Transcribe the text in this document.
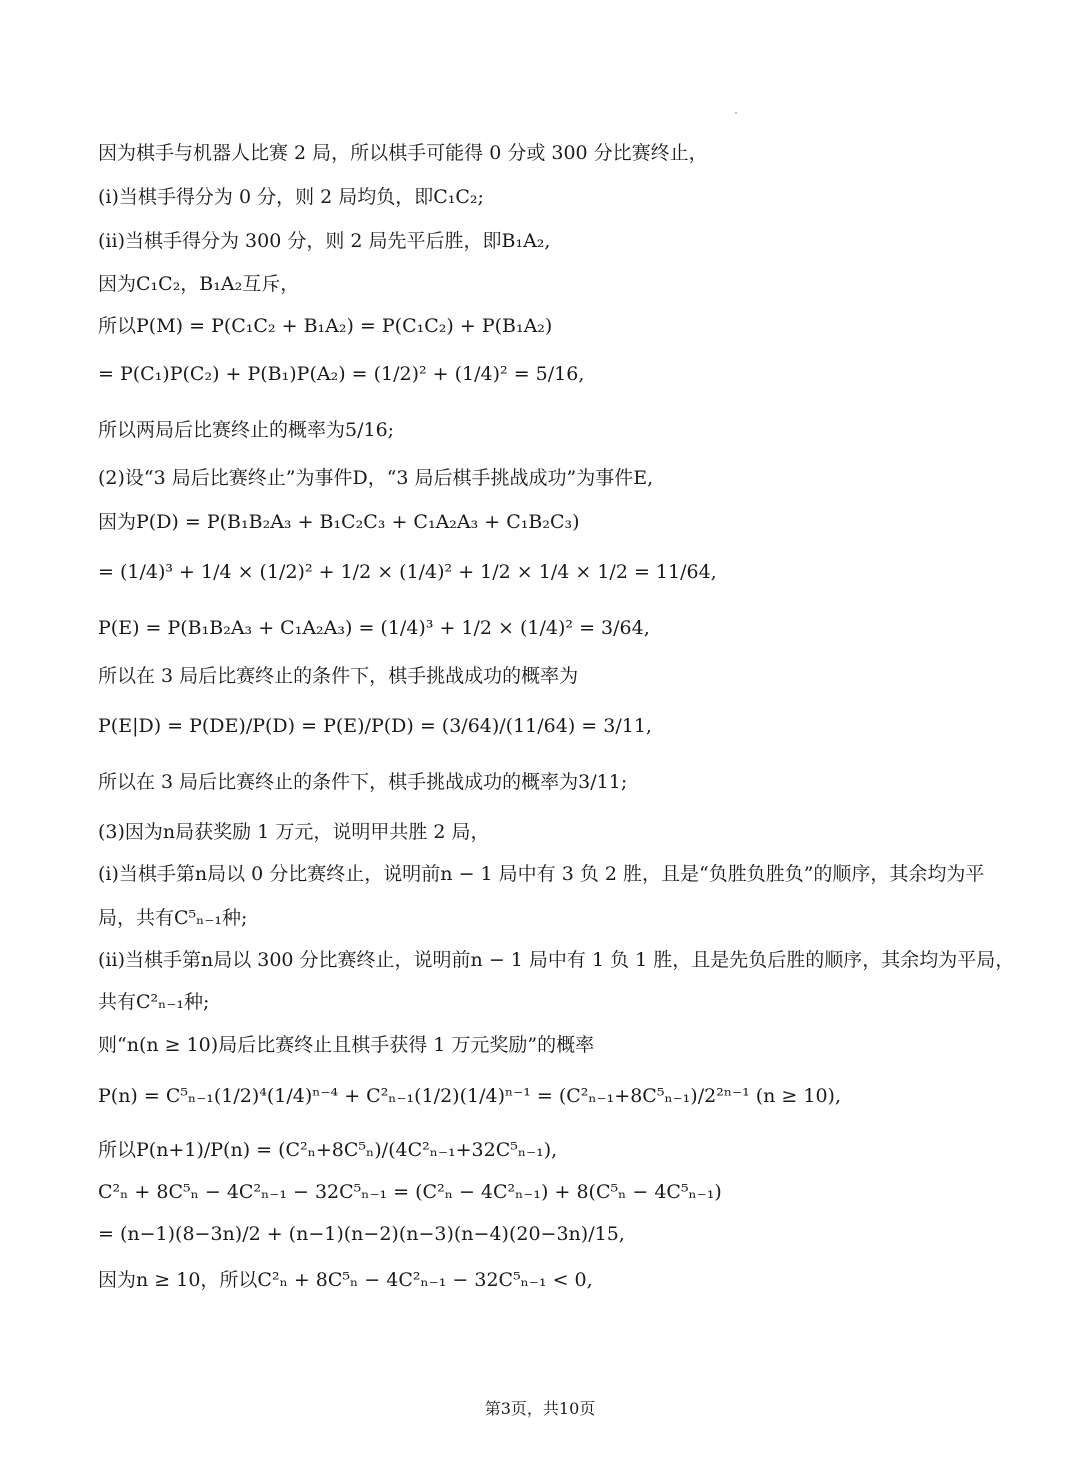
因为棋手与机器人比赛 2 局，所以棋手可能得 0 分或 300 分比赛终止，
(i)当棋手得分为 0 分，则 2 局均负，即C₁C₂;
(ii)当棋手得分为 300 分，则 2 局先平后胜，即B₁A₂,
因为C₁C₂，B₁A₂互斥，
所以P(M) = P(C₁C₂ + B₁A₂) = P(C₁C₂) + P(B₁A₂)
= P(C₁)P(C₂) + P(B₁)P(A₂) = (1/2)² + (1/4)² = 5/16,
所以两局后比赛终止的概率为5/16;
(2)设“3 局后比赛终止”为事件D，“3 局后棋手挑战成功”为事件E,
因为P(D) = P(B₁B₂A₃ + B₁C₂C₃ + C₁A₂A₃ + C₁B₂C₃)
= (1/4)³ + 1/4 × (1/2)² + 1/2 × (1/4)² + 1/2 × 1/4 × 1/2 = 11/64,
P(E) = P(B₁B₂A₃ + C₁A₂A₃) = (1/4)³ + 1/2 × (1/4)² = 3/64,
所以在 3 局后比赛终止的条件下，棋手挑战成功的概率为
P(E|D) = P(DE)/P(D) = P(E)/P(D) = (3/64)/(11/64) = 3/11,
所以在 3 局后比赛终止的条件下，棋手挑战成功的概率为3/11;
(3)因为n局获奖励 1 万元，说明甲共胜 2 局，
(i)当棋手第n局以 0 分比赛终止，说明前n − 1 局中有 3 负 2 胜，且是“负胜负胜负”的顺序，其余均为平
局，共有C⁵ₙ₋₁种;
(ii)当棋手第n局以 300 分比赛终止，说明前n − 1 局中有 1 负 1 胜，且是先负后胜的顺序，其余均为平局，
共有C²ₙ₋₁种;
则“n(n ≥ 10)局后比赛终止且棋手获得 1 万元奖励”的概率
P(n) = C⁵ₙ₋₁(1/2)⁴(1/4)ⁿ⁻⁴ + C²ₙ₋₁(1/2)(1/4)ⁿ⁻¹ = (C²ₙ₋₁+8C⁵ₙ₋₁)/2²ⁿ⁻¹ (n ≥ 10),
所以P(n+1)/P(n) = (C²ₙ+8C⁵ₙ)/(4C²ₙ₋₁+32C⁵ₙ₋₁),
C²ₙ + 8C⁵ₙ − 4C²ₙ₋₁ − 32C⁵ₙ₋₁ = (C²ₙ − 4C²ₙ₋₁) + 8(C⁵ₙ − 4C⁵ₙ₋₁)
= (n−1)(8−3n)/2 + (n−1)(n−2)(n−3)(n−4)(20−3n)/15,
因为n ≥ 10，所以C²ₙ + 8C⁵ₙ − 4C²ₙ₋₁ − 32C⁵ₙ₋₁ < 0,
第3页，共10页
